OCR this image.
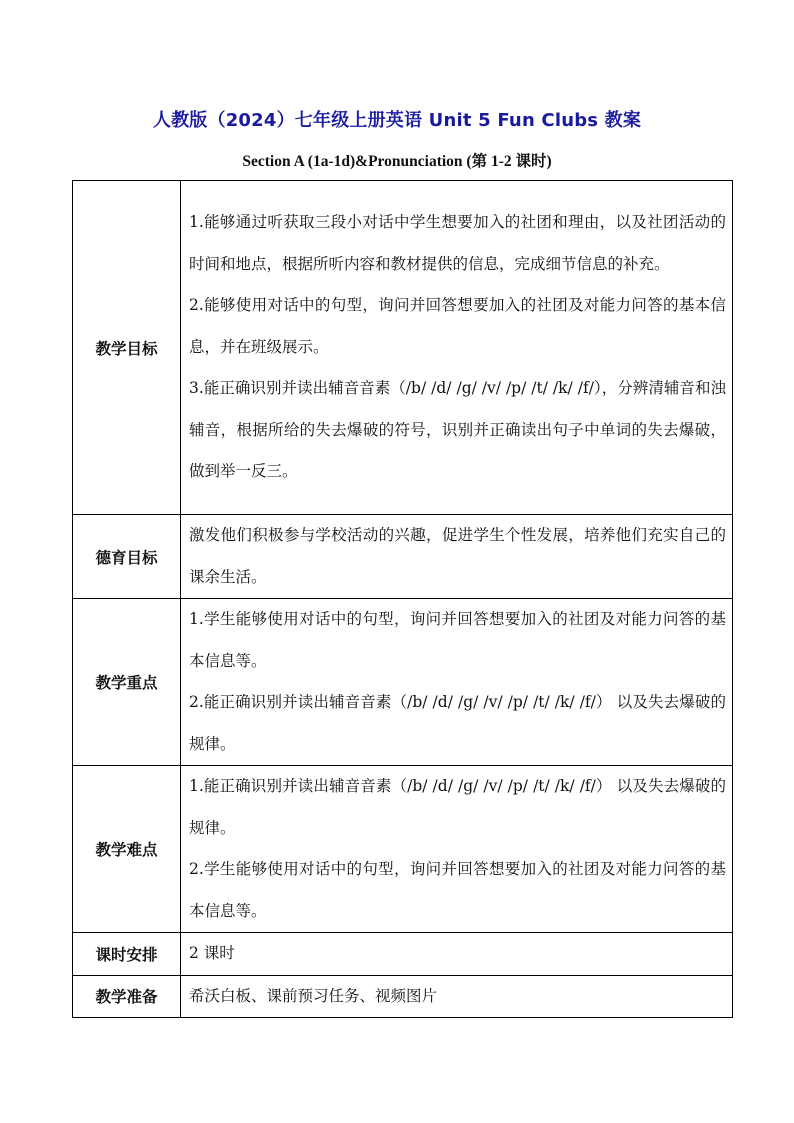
人教版（2024）七年级上册英语 Unit 5 Fun Clubs 教案
Section A (1a-1d)&Pronunciation (第 1-2 课时)
教学目标	1.能够通过听获取三段小对话中学生想要加入的社团和理由，以及社团活动的时间和地点，根据所听内容和教材提供的信息，完成细节信息的补充。

2.能够使用对话中的句型，询问并回答想要加入的社团及对能力问答的基本信息，并在班级展示。

3.能正确识别并读出辅音音素（/b/ /d/ /g/ /v/ /p/ /t/ /k/ /f/），分辨清辅音和浊辅音，根据所给的失去爆破的符号，识别并正确读出句子中单词的失去爆破，做到举一反三。

德育目标	激发他们积极参与学校活动的兴趣，促进学生个性发展，培养他们充实自己的课余生活。

教学重点	1.学生能够使用对话中的句型，询问并回答想要加入的社团及对能力问答的基本信息等。

2.能正确识别并读出辅音音素（/b/ /d/ /g/ /v/ /p/ /t/ /k/ /f/） 以及失去爆破的规律。

教学难点	1.能正确识别并读出辅音音素（/b/ /d/ /g/ /v/ /p/ /t/ /k/ /f/） 以及失去爆破的规律。

2.学生能够使用对话中的句型，询问并回答想要加入的社团及对能力问答的基本信息等。

课时安排	2 课时

教学准备	希沃白板、课前预习任务、视频图片
